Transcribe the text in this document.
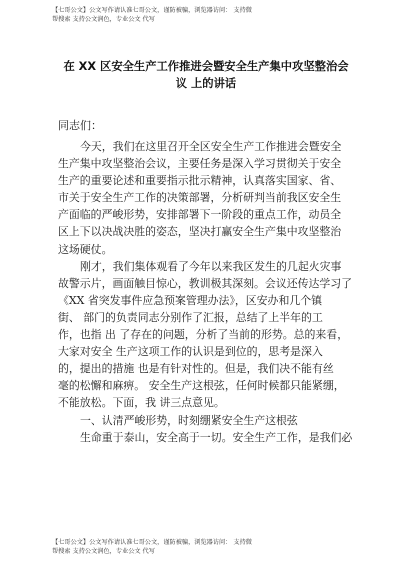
【七哥公文】公文写作请认准七哥公文，谨防被骗，浏览器访问： 支持微
帮搜索 支持公文润色，专业公文 代写
在 XX 区安全生产工作推进会暨安全生产集中攻坚整治会
议 上的讲话
同志们：
今天，我们在这里召开全区安全生产工作推进会暨安全
生产集中攻坚整治会议，主要任务是深入学习贯彻关于安全
生产的重要论述和重要指示批示精神，认真落实国家、省、
市关于安全生产工作的决策部署，分析研判当前我区安全生
产面临的严峻形势，安排部署下一阶段的重点工作，动员全
区上下以决战决胜的姿态，坚决打赢安全生产集中攻坚整治
这场硬仗。
刚才，我们集体观看了今年以来我区发生的几起火灾事
故警示片，画面触目惊心，教训极其深刻。会议还传达学习了
《XX 省突发事件应急预案管理办法》，区安办和几个镇
街、 部门的负责同志分别作了汇报，总结了上半年的工
作，也指 出 了存在的问题，分析了当前的形势。总的来看，
大家对安全 生产这项工作的认识是到位的，思考是深入
的，提出的措施 也是有针对性的。但是，我们决不能有丝
毫的松懈和麻痹。 安全生产这根弦，任何时候都只能紧绷，
不能放松。下面，我 讲三点意见。
一、认清严峻形势，时刻绷紧安全生产这根弦
生命重于泰山，安全高于一切。安全生产工作，是我们必
【七哥公文】公文写作请认准七哥公文，谨防被骗，浏览器访问： 支持微
帮搜索 支持公文润色，专业公文 代写
